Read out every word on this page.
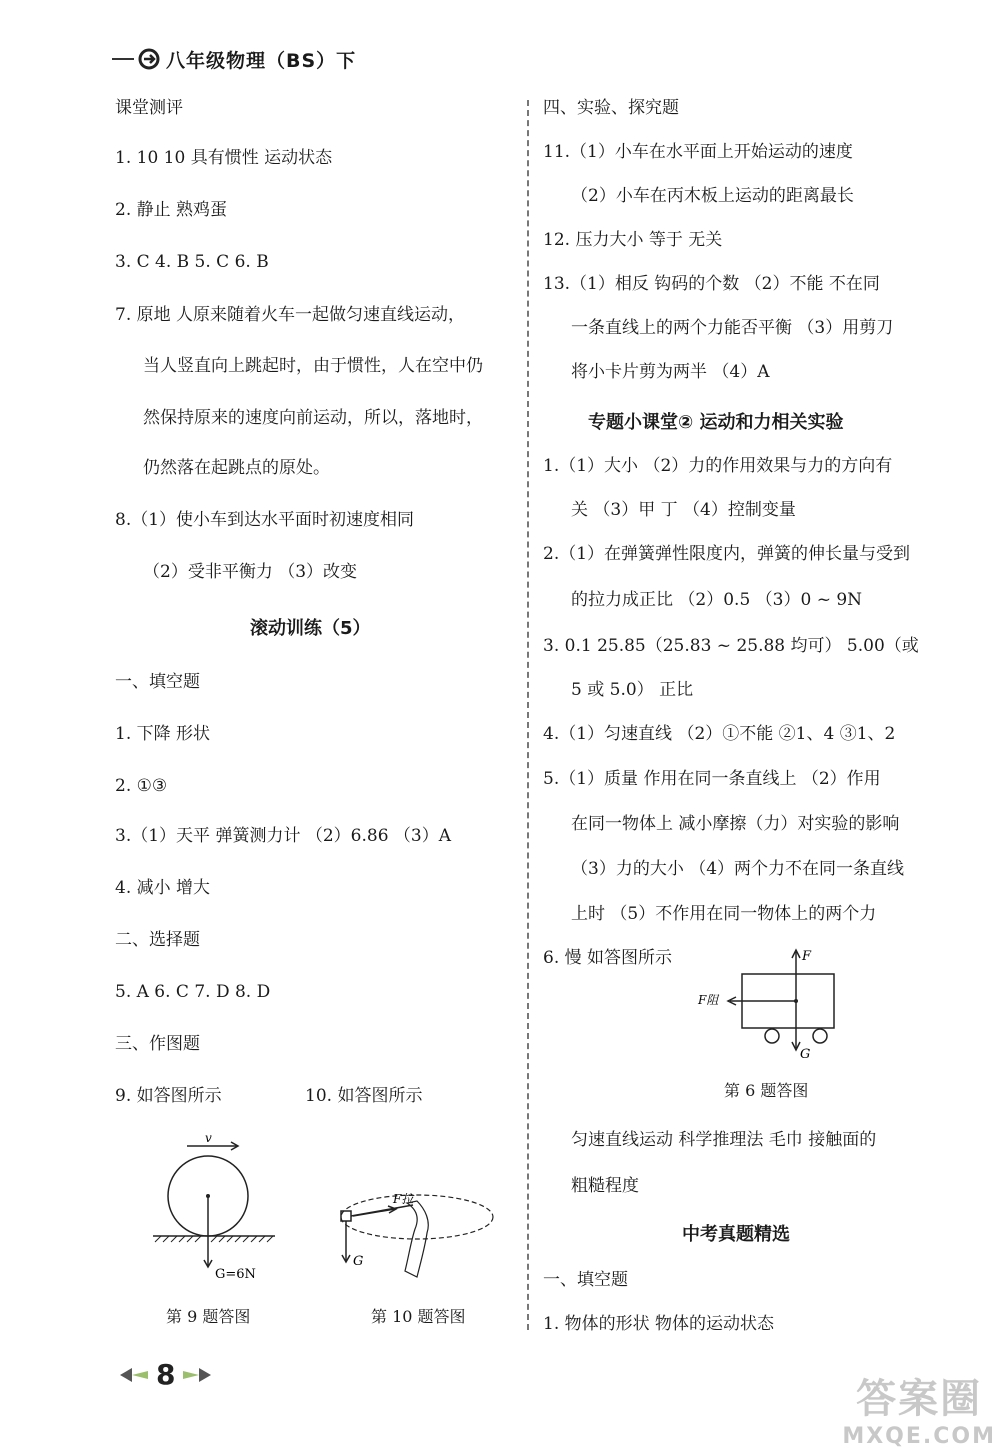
八年级物理（BS）下
课堂测评
1. 10 10 具有惯性 运动状态
2. 静止 熟鸡蛋
3. C 4. B 5. C 6. B
7. 原地 人原来随着火车一起做匀速直线运动，
当人竖直向上跳起时，由于惯性，人在空中仍
然保持原来的速度向前运动，所以，落地时，
仍然落在起跳点的原处。
8.（1）使小车到达水平面时初速度相同
（2）受非平衡力 （3）改变
滚动训练（5）
一、填空题
1. 下降 形状
2. ①③
3.（1）天平 弹簧测力计 （2）6.86 （3）A
4. 减小 增大
二、选择题
5. A 6. C 7. D 8. D
三、作图题
9. 如答图所示	10. 如答图所示
v
G=6N
第 9 题答图
F拉
G
第 10 题答图
四、实验、探究题
11.（1）小车在水平面上开始运动的速度
（2）小车在丙木板上运动的距离最长
12. 压力大小 等于 无关
13.（1）相反 钩码的个数 （2）不能 不在同
一条直线上的两个力能否平衡 （3）用剪刀
将小卡片剪为两半 （4）A
专题小课堂② 运动和力相关实验
1.（1）大小 （2）力的作用效果与力的方向有
关 （3）甲 丁 （4）控制变量
2.（1）在弹簧弹性限度内，弹簧的伸长量与受到
的拉力成正比 （2）0.5 （3）0 ~ 9N
3. 0.1 25.85（25.83 ~ 25.88 均可） 5.00（或
5 或 5.0） 正比
4.（1）匀速直线 （2）①不能 ②1、4 ③1、2
5.（1）质量 作用在同一条直线上 （2）作用
在同一物体上 减小摩擦（力）对实验的影响
（3）力的大小 （4）两个力不在同一条直线
上时 （5）不作用在同一物体上的两个力
6. 慢 如答图所示	F
F阻
G
第 6 题答图
匀速直线运动 科学推理法 毛巾 接触面的
粗糙程度
中考真题精选
一、填空题
1. 物体的形状 物体的运动状态
8
答案圈
MXQE.COM
